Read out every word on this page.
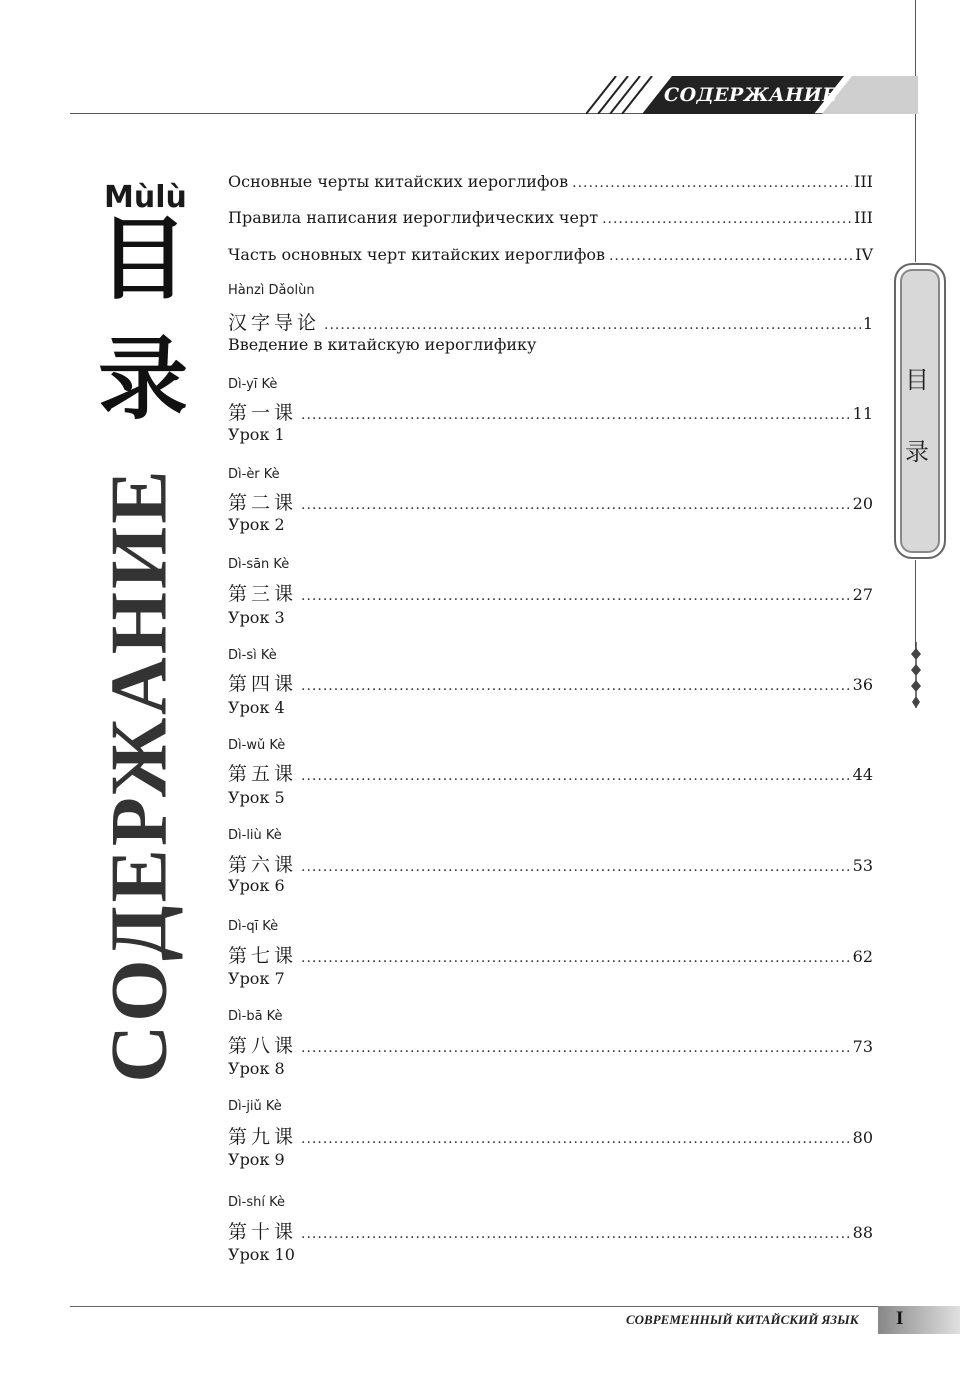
СОДЕРЖАНИЕ
Mùlù
目
录
СОДЕРЖАНИЕ
目
录
Основные черты китайских иероглифов .....	III
Правила написания иероглифических черт .....	III
Часть основных черт китайских иероглифов .....	IV
Hànzì Dǎolùn
汉字导论 .....	1
Введение в китайскую иероглифику
Dì-yī Kè
第一课 .....	11
Урок 1
Dì-èr Kè
第二课 .....	20
Урок 2
Dì-sān Kè
第三课 .....	27
Урок 3
Dì-sì Kè
第四课 .....	36
Урок 4
Dì-wǔ Kè
第五课 .....	44
Урок 5
Dì-liù Kè
第六课 .....	53
Урок 6
Dì-qī Kè
第七课 .....	62
Урок 7
Dì-bā Kè
第八课 .....	73
Урок 8
Dì-jiǔ Kè
第九课 .....	80
Урок 9
Dì-shí Kè
第十课 .....	88
Урок 10
СОВРЕМЕННЫЙ КИТАЙСКИЙ ЯЗЫК I
